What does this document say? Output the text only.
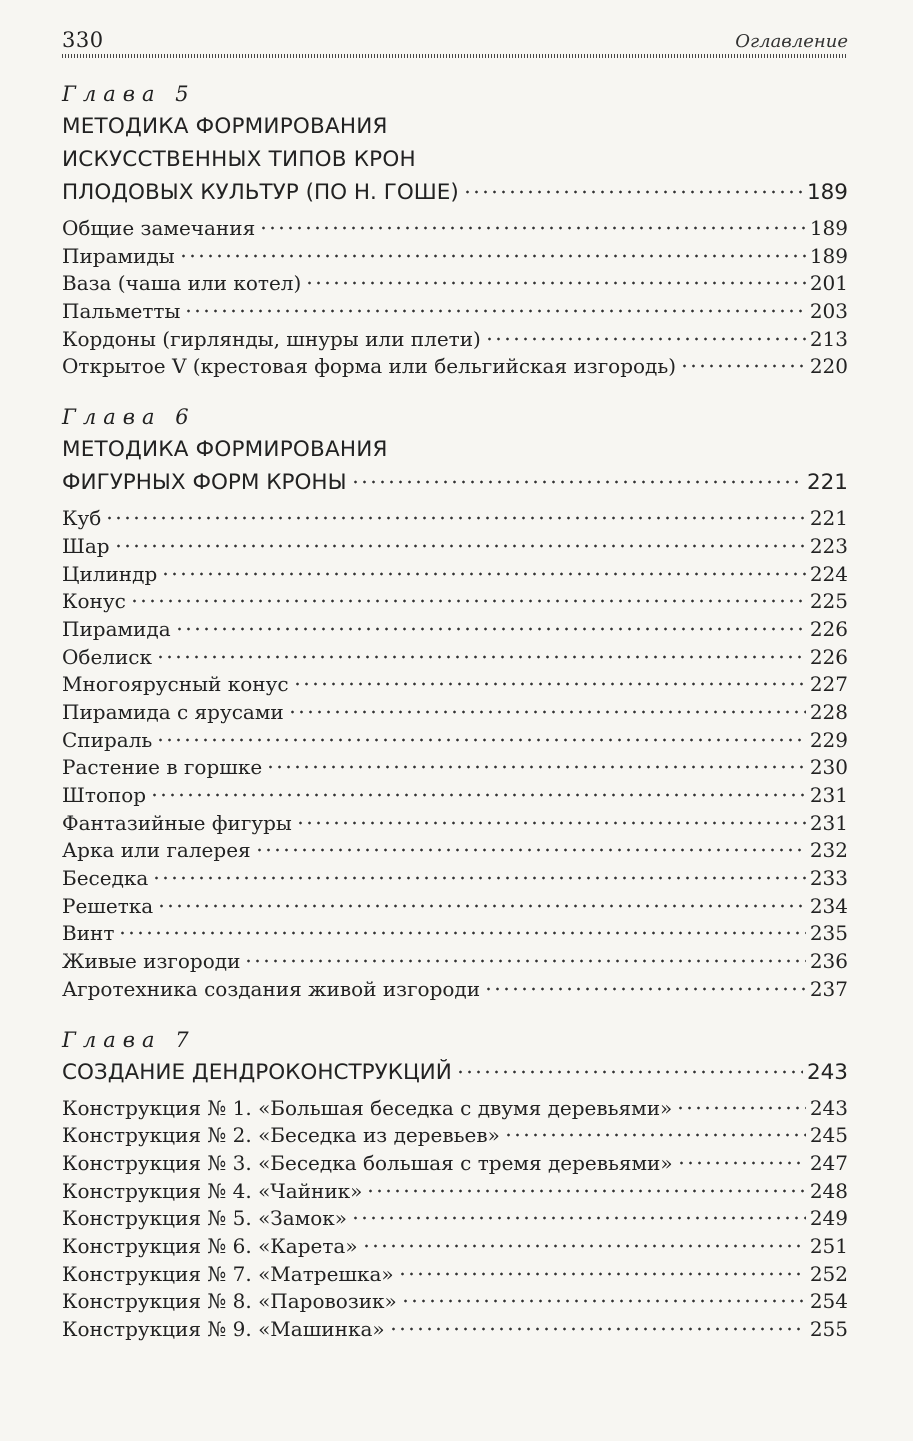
330	Оглавление
Глава 5
МЕТОДИКА ФОРМИРОВАНИЯ
ИСКУССТВЕННЫХ ТИПОВ КРОН
ПЛОДОВЫХ КУЛЬТУР (ПО Н. ГОШЕ)	189
Общие замечания	189
Пирамиды	189
Ваза (чаша или котел)	201
Пальметты	203
Кордоны (гирлянды, шнуры или плети)	213
Открытое V (крестовая форма или бельгийская изгородь)	220
Глава 6
МЕТОДИКА ФОРМИРОВАНИЯ
ФИГУРНЫХ ФОРМ КРОНЫ	221
Куб	221
Шар	223
Цилиндр	224
Конус	225
Пирамида	226
Обелиск	226
Многоярусный конус	227
Пирамида с ярусами	228
Спираль	229
Растение в горшке	230
Штопор	231
Фантазийные фигуры	231
Арка или галерея	232
Беседка	233
Решетка	234
Винт	235
Живые изгороди	236
Агротехника создания живой изгороди	237
Глава 7
СОЗДАНИЕ ДЕНДРОКОНСТРУКЦИЙ	243
Конструкция № 1. «Большая беседка с двумя деревьями»	243
Конструкция № 2. «Беседка из деревьев»	245
Конструкция № 3. «Беседка большая с тремя деревьями»	247
Конструкция № 4. «Чайник»	248
Конструкция № 5. «Замок»	249
Конструкция № 6. «Карета»	251
Конструкция № 7. «Матрешка»	252
Конструкция № 8. «Паровозик»	254
Конструкция № 9. «Машинка»	255
